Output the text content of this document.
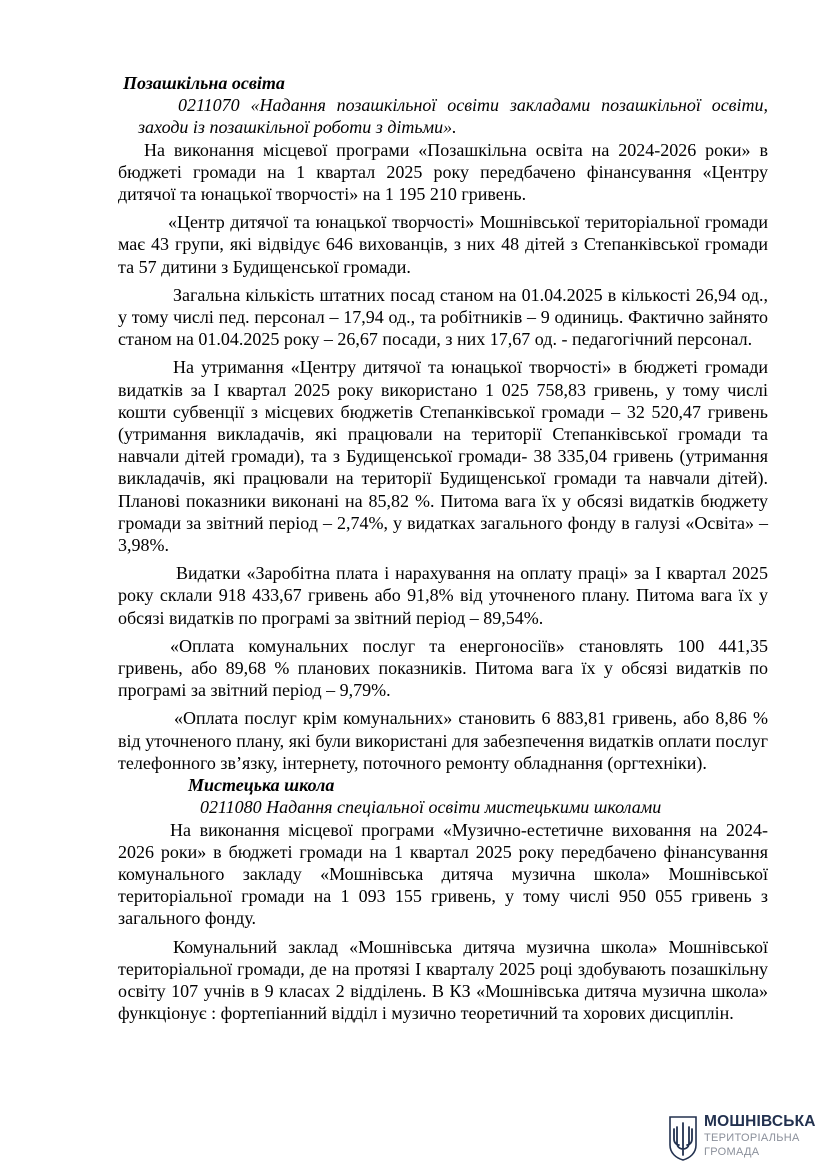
Позашкільна освіта

0211070 «Надання позашкільної освіти закладами позашкільної освіти, заходи із позашкільної роботи з дітьми».

На виконання місцевої програми «Позашкільна освіта на 2024-2026 роки» в бюджеті громади на 1 квартал 2025 року передбачено фінансування «Центру дитячої та юнацької творчості» на 1 195 210 гривень.

«Центр дитячої та юнацької творчості» Мошнівської територіальної громади має 43 групи, які відвідує 646 вихованців, з них 48 дітей з Степанківської громади та 57 дитини з Будищенської громади.

Загальна кількість штатних посад станом на 01.04.2025 в кількості 26,94 од., у тому числі пед. персонал – 17,94 од., та робітників – 9 одиниць. Фактично зайнято станом на 01.04.2025 року – 26,67 посади, з них 17,67 од. - педагогічний персонал.

На утримання «Центру дитячої та юнацької творчості» в бюджеті громади видатків за І квартал 2025 року використано 1 025 758,83 гривень, у тому числі кошти субвенції з місцевих бюджетів Степанківської громади – 32 520,47 гривень (утримання викладачів, які працювали на території Степанківської громади та навчали дітей громади), та з Будищенської громади- 38 335,04 гривень (утримання викладачів, які працювали на території Будищенської громади та навчали дітей). Планові показники виконані на 85,82 %. Питома вага їх у обсязі видатків бюджету громади за звітний період – 2,74%, у видатках загального фонду в галузі «Освіта» – 3,98%.

Видатки «Заробітна плата і нарахування на оплату праці» за І квартал 2025 року склали 918 433,67 гривень або 91,8% від уточненого плану. Питома вага їх у обсязі видатків по програмі за звітний період – 89,54%.

«Оплата комунальних послуг та енергоносіїв» становлять 100 441,35 гривень, або 89,68 % планових показників. Питома вага їх у обсязі видатків по програмі за звітний період – 9,79%.

«Оплата послуг крім комунальних» становить 6 883,81 гривень, або 8,86 % від уточненого плану, які були використані для забезпечення видатків оплати послуг телефонного зв’язку, інтернету, поточного ремонту обладнання (оргтехніки).

Мистецька школа

0211080 Надання спеціальної освіти мистецькими школами

На виконання місцевої програми «Музично-естетичне виховання на 2024-2026 роки» в бюджеті громади на 1 квартал 2025 року передбачено фінансування комунального закладу «Мошнівська дитяча музична школа» Мошнівської територіальної громади на 1 093 155 гривень, у тому числі 950 055 гривень з загального фонду.

Комунальний заклад «Мошнівська дитяча музична школа» Мошнівської територіальної громади, де на протязі І кварталу 2025 році здобувають позашкільну освіту 107 учнів в 9 класах 2 відділень. В КЗ «Мошнівська дитяча музична школа» функціонує : фортепіанний відділ і музично теоретичний та хорових дисциплін.

МОШНІВСЬКА
ТЕРИТОРІАЛЬНА
ГРОМАДА
